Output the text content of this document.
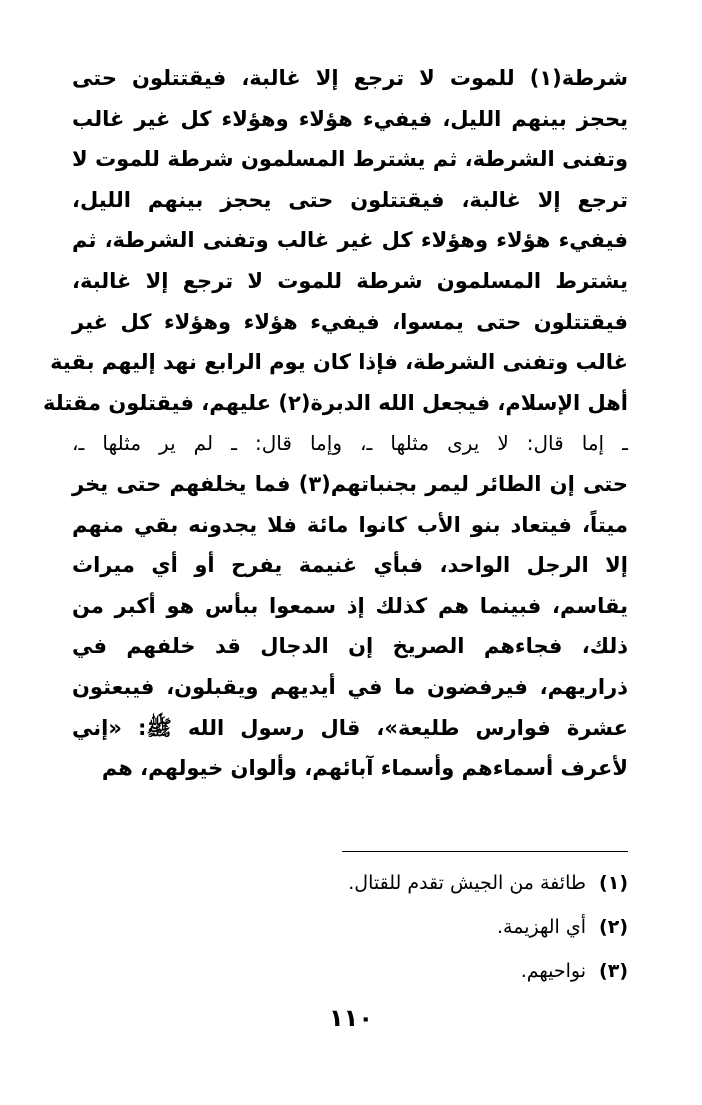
شرطة(١) للموت لا ترجع إلا غالبة، فيقتتلون حتى
يحجز بينهم الليل، فيفيء هؤلاء وهؤلاء كل غير غالب
وتفنى الشرطة، ثم يشترط المسلمون شرطة للموت لا
ترجع إلا غالبة، فيقتتلون حتى يحجز بينهم الليل،
فيفيء هؤلاء وهؤلاء كل غير غالب وتفنى الشرطة، ثم
يشترط المسلمون شرطة للموت لا ترجع إلا غالبة،
فيقتتلون حتى يمسوا، فيفيء هؤلاء وهؤلاء كل غير
غالب وتفنى الشرطة، فإذا كان يوم الرابع نهد إليهم بقية
أهل الإسلام، فيجعل الله الدبرة(٢) عليهم، فيقتلون مقتلة
ـ إما قال: لا يرى مثلها ـ، وإما قال: ـ لم ير مثلها ـ،
حتى إن الطائر ليمر بجنباتهم(٣) فما يخلفهم حتى يخر
ميتاً، فيتعاد بنو الأب كانوا مائة فلا يجدونه بقي منهم
إلا الرجل الواحد، فبأي غنيمة يفرح أو أي ميراث
يقاسم، فبينما هم كذلك إذ سمعوا ببأس هو أكبر من
ذلك، فجاءهم الصريخ إن الدجال قد خلفهم في
ذراريهم، فيرفضون ما في أيديهم ويقبلون، فيبعثون
عشرة فوارس طليعة»، قال رسول الله ﷺ: «إني
لأعرف أسماءهم وأسماء آبائهم، وألوان خيولهم، هم
(١)طائفة من الجيش تقدم للقتال.
(٢)أي الهزيمة.
(٣)نواحيهم.
١١٠
